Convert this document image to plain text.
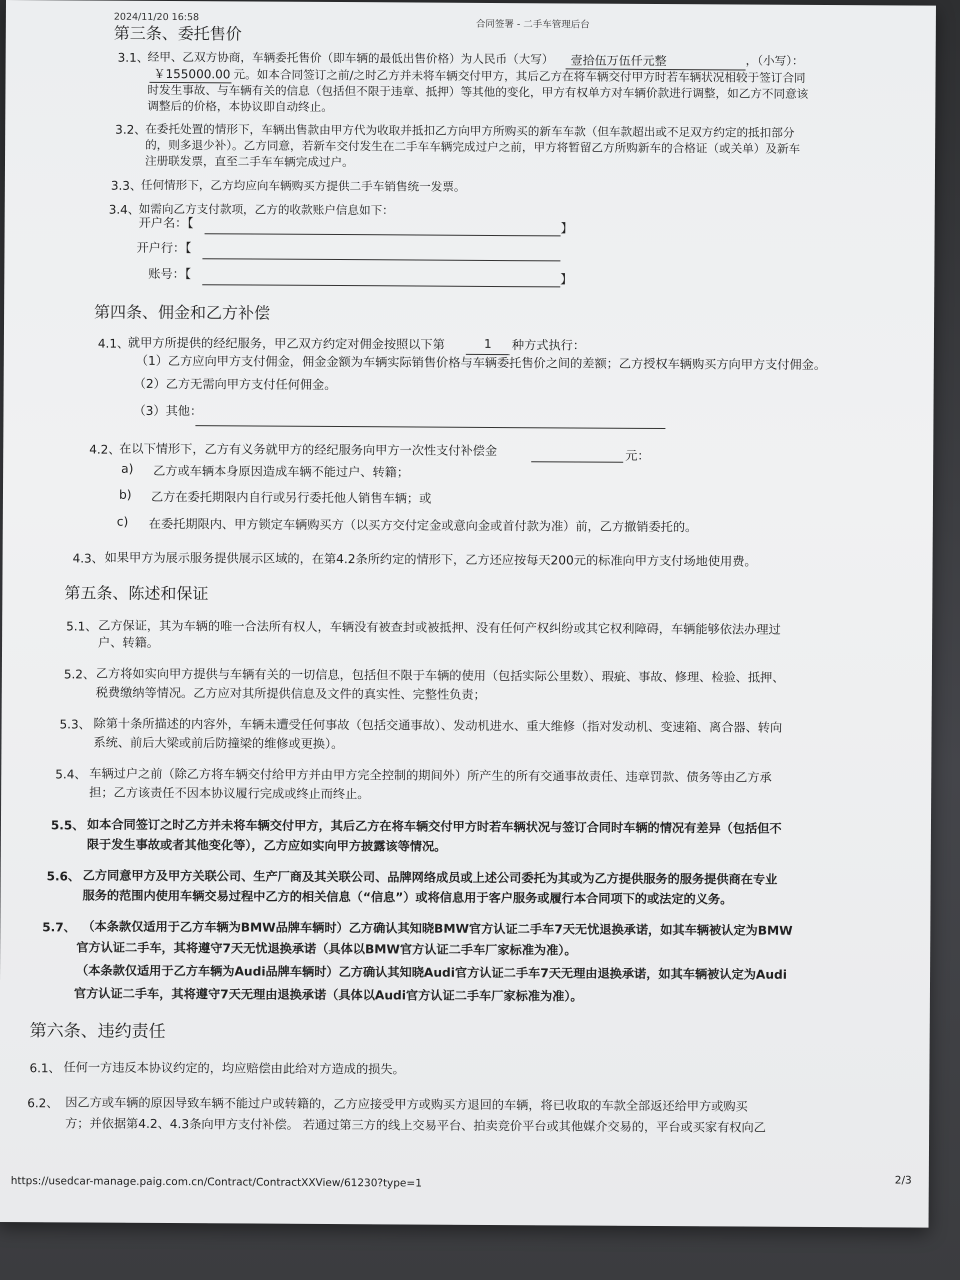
2024/11/20 16:58
合同签署 - 二手车管理后台
第三条、委托售价
3.1、
经甲、乙双方协商，车辆委托售价（即车辆的最低出售价格）为人民币（大写） 壹拾伍万伍仟元整	，（小写）：
￥155000.00 元。如本合同签订之前/之时乙方并未将车辆交付甲方，其后乙方在将车辆交付甲方时若车辆状况相较于签订合同
时发生事故、与车辆有关的信息（包括但不限于违章、抵押）等其他的变化，甲方有权单方对车辆价款进行调整，如乙方不同意该
调整后的价格，本协议即自动终止。
3.2、
在委托处置的情形下，车辆出售款由甲方代为收取并抵扣乙方向甲方所购买的新车车款（但车款超出或不足双方约定的抵扣部分
的，则多退少补）。乙方同意，若新车交付发生在二手车车辆完成过户之前，甲方将暂留乙方所购新车的合格证（或关单）及新车
注册联发票，直至二手车车辆完成过户。
3.3、
任何情形下，乙方均应向车辆购买方提供二手车销售统一发票。
3.4、
如需向乙方支付款项，乙方的收款账户信息如下：
开户名：【	】
开户行：【
账号：【	】
第四条、佣金和乙方补偿
4.1、
就甲方所提供的经纪服务，甲乙双方约定对佣金按照以下第	1	种方式执行：
（1）乙方应向甲方支付佣金，佣金金额为车辆实际销售价格与车辆委托售价之间的差额；乙方授权车辆购买方向甲方支付佣金。
（2）乙方无需向甲方支付任何佣金。
（3）其他：
4.2、
在以下情形下，乙方有义务就甲方的经纪服务向甲方一次性支付补偿金	元：
a) 乙方或车辆本身原因造成车辆不能过户、转籍；
b) 乙方在委托期限内自行或另行委托他人销售车辆；或
c) 在委托期限内、甲方锁定车辆购买方（以买方交付定金或意向金或首付款为准）前，乙方撤销委托的。
4.3、 如果甲方为展示服务提供展示区域的，在第4.2条所约定的情形下，乙方还应按每天200元的标准向甲方支付场地使用费。
第五条、陈述和保证
5.1、 乙方保证，其为车辆的唯一合法所有权人，车辆没有被查封或被抵押、没有任何产权纠纷或其它权利障碍，车辆能够依法办理过
户、转籍。
5.2、 乙方将如实向甲方提供与车辆有关的一切信息，包括但不限于车辆的使用（包括实际公里数）、瑕疵、事故、修理、检验、抵押、
税费缴纳等情况。乙方应对其所提供信息及文件的真实性、完整性负责；
5.3、 除第十条所描述的内容外，车辆未遭受任何事故（包括交通事故）、发动机进水、重大维修（指对发动机、变速箱、离合器、转向
系统、前后大梁或前后防撞梁的维修或更换）。
5.4、 车辆过户之前（除乙方将车辆交付给甲方并由甲方完全控制的期间外）所产生的所有交通事故责任、违章罚款、债务等由乙方承
担；乙方该责任不因本协议履行完成或终止而终止。
5.5、 如本合同签订之时乙方并未将车辆交付甲方，其后乙方在将车辆交付甲方时若车辆状况与签订合同时车辆的情况有差异（包括但不
限于发生事故或者其他变化等），乙方应如实向甲方披露该等情况。
5.6、 乙方同意甲方及甲方关联公司、生产厂商及其关联公司、品牌网络成员或上述公司委托为其或为乙方提供服务的服务提供商在专业
服务的范围内使用车辆交易过程中乙方的相关信息（“信息”）或将信息用于客户服务或履行本合同项下的或法定的义务。
5.7、 （本条款仅适用于乙方车辆为BMW品牌车辆时）乙方确认其知晓BMW官方认证二手车7天无忧退换承诺，如其车辆被认定为BMW
官方认证二手车，其将遵守7天无忧退换承诺（具体以BMW官方认证二手车厂家标准为准）。
（本条款仅适用于乙方车辆为Audi品牌车辆时）乙方确认其知晓Audi官方认证二手车7天无理由退换承诺，如其车辆被认定为Audi
官方认证二手车，其将遵守7天无理由退换承诺（具体以Audi官方认证二手车厂家标准为准）。
第六条、违约责任
6.1、 任何一方违反本协议约定的，均应赔偿由此给对方造成的损失。
6.2、 因乙方或车辆的原因导致车辆不能过户或转籍的，乙方应接受甲方或购买方退回的车辆，将已收取的车款全部返还给甲方或购买
方；并依据第4.2、4.3条向甲方支付补偿。 若通过第三方的线上交易平台、拍卖竞价平台或其他媒介交易的，平台或买家有权向乙
https://usedcar-manage.paig.com.cn/Contract/ContractXXView/61230?type=1	2/3
